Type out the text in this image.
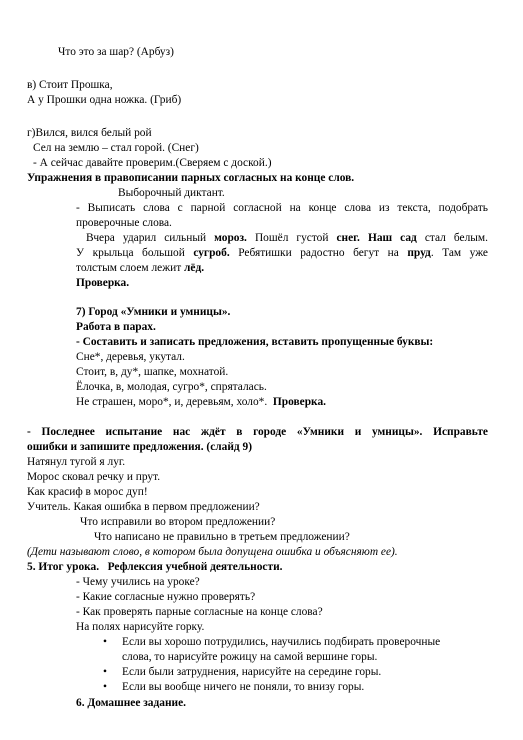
Что это за шар? (Арбуз)
в) Стоит Прошка,
А у Прошки одна ножка. (Гриб)
г)Вился, вился белый рой
Сел на землю – стал горой. (Снег)
- А сейчас давайте проверим.(Сверяем с доской.)
Упражнения в правописании парных согласных на конце слов.
Выборочный диктант.
- Выписать слова с парной согласной на конце слова из текста, подобрать
проверочные слова.
Вчера ударил сильный мороз. Пошёл густой снег. Наш сад стал белым.
У крыльца большой сугроб. Ребятишки радостно бегут на пруд. Там уже
толстым слоем лежит лёд.
Проверка.
7) Город «Умники и умницы».
Работа в парах.
- Составить и записать предложения, вставить пропущенные буквы:
Сне*, деревья, укутал.
Стоит, в, ду*, шапке, мохнатой.
Ёлочка, в, молодая, сугро*, спряталась.
Не страшен, моро*, и, деревьям, холо*. Проверка.
- Последнее испытание нас ждёт в городе «Умники и умницы». Исправьте
ошибки и запишите предложения. (слайд 9)
Натянул тугой я луг.
Морос сковал речку и прут.
Как красиф в морос дуп!
Учитель. Какая ошибка в первом предложении?
Что исправили во втором предложении?
Что написано не правильно в третьем предложении?
(Дети называют слово, в котором была допущена ошибка и объясняют ее).
5. Итог урока. Рефлексия учебной деятельности.
- Чему учились на уроке?
- Какие согласные нужно проверять?
- Как проверять парные согласные на конце слова?
На полях нарисуйте горку.
• Если вы хорошо потрудились, научились подбирать проверочные
слова, то нарисуйте рожицу на самой вершине горы.
• Если были затруднения, нарисуйте на середине горы.
• Если вы вообще ничего не поняли, то внизу горы.
6. Домашнее задание.
